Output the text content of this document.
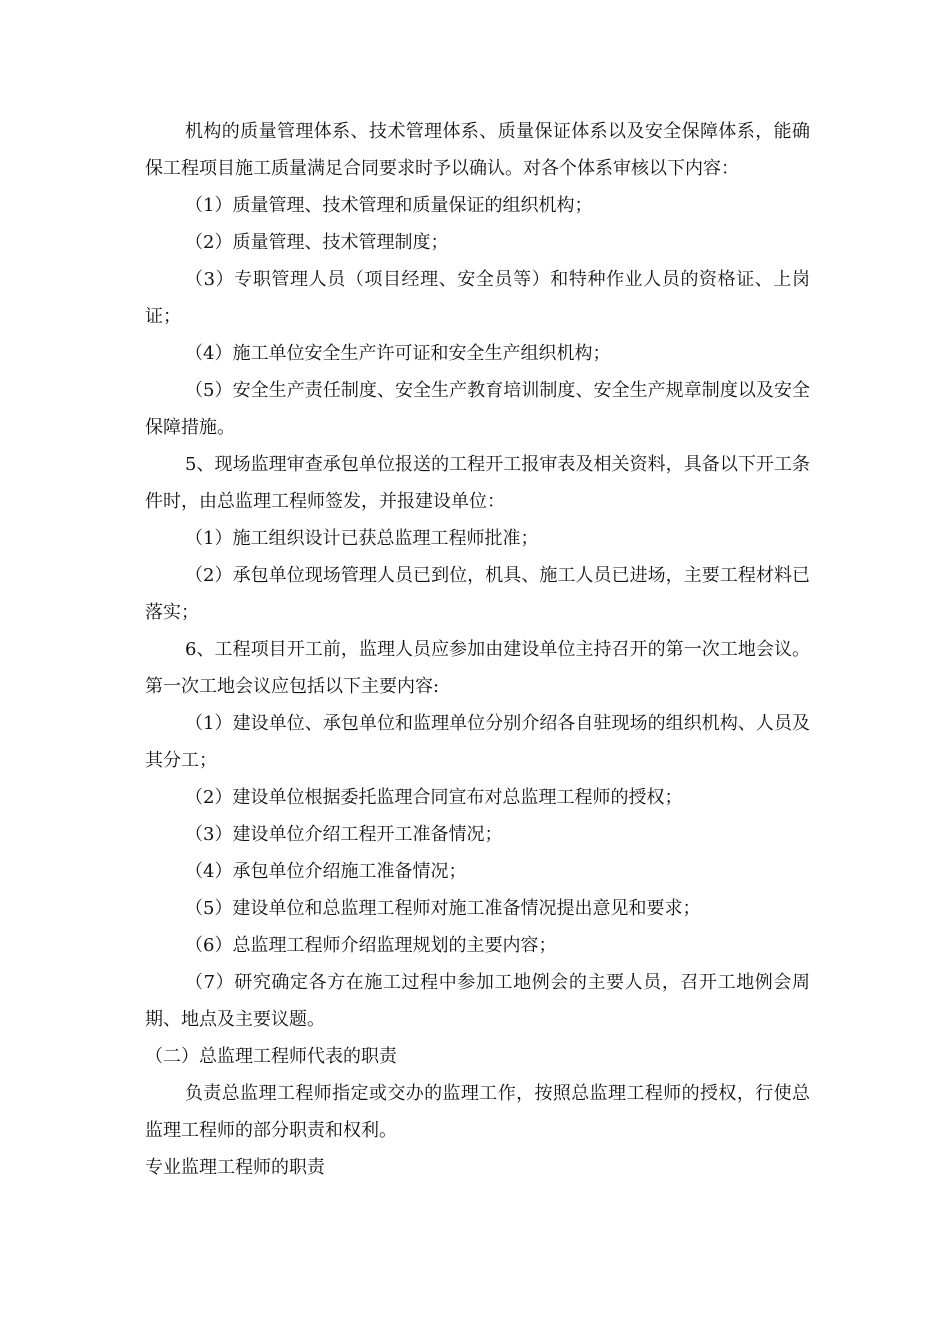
机构的质量管理体系、技术管理体系、质量保证体系以及安全保障体系，能确保工程项目施工质量满足合同要求时予以确认。对各个体系审核以下内容：

（1）质量管理、技术管理和质量保证的组织机构；

（2）质量管理、技术管理制度；

（3）专职管理人员（项目经理、安全员等）和特种作业人员的资格证、上岗证；

（4）施工单位安全生产许可证和安全生产组织机构；

（5）安全生产责任制度、安全生产教育培训制度、安全生产规章制度以及安全保障措施。

5、现场监理审查承包单位报送的工程开工报审表及相关资料，具备以下开工条件时，由总监理工程师签发，并报建设单位：

（1）施工组织设计已获总监理工程师批准；

（2）承包单位现场管理人员已到位，机具、施工人员已进场，主要工程材料已落实；

6、工程项目开工前，监理人员应参加由建设单位主持召开的第一次工地会议。 第一次工地会议应包括以下主要内容:

（1）建设单位、承包单位和监理单位分别介绍各自驻现场的组织机构、人员及其分工；

（2）建设单位根据委托监理合同宣布对总监理工程师的授权；

（3）建设单位介绍工程开工准备情况；

（4）承包单位介绍施工准备情况；

（5）建设单位和总监理工程师对施工准备情况提出意见和要求；

（6）总监理工程师介绍监理规划的主要内容；

（7）研究确定各方在施工过程中参加工地例会的主要人员，召开工地例会周期、地点及主要议题。

（二）总监理工程师代表的职责

负责总监理工程师指定或交办的监理工作，按照总监理工程师的授权，行使总监理工程师的部分职责和权利。

专业监理工程师的职责
